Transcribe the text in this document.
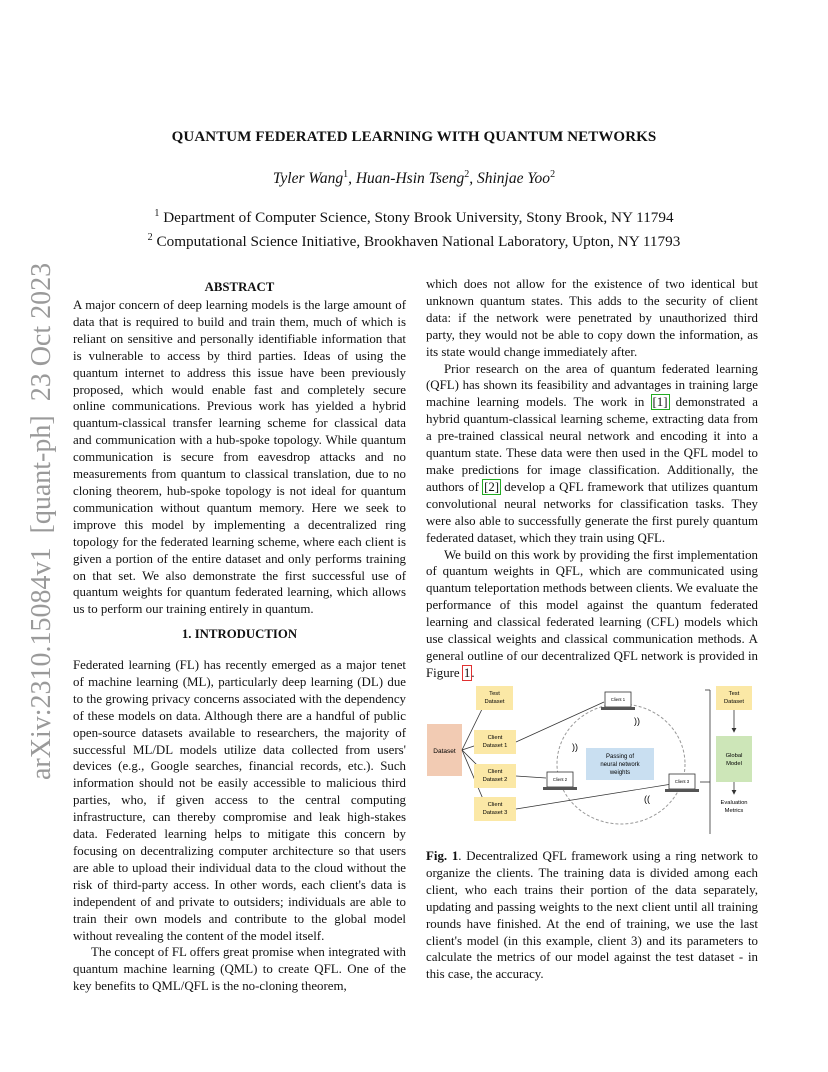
QUANTUM FEDERATED LEARNING WITH QUANTUM NETWORKS
Tyler Wang$^1$, Huan-Hsin Tseng$^2$, Shinjae Yoo$^2$
$^1$ Department of Computer Science, Stony Brook University, Stony Brook, NY 11794
$^2$ Computational Science Initiative, Brookhaven National Laboratory, Upton, NY 11793
arXiv:2310.15084v1  [quant-ph]  23 Oct 2023	ABSTRACT

A major concern of deep learning models is the large amount of data that is required to build and train them, much of which is reliant on sensitive and personally identifiable information that is vulnerable to access by third parties. Ideas of using the quantum internet to address this issue have been previously proposed, which would enable fast and completely secure online communications. Previous work has yielded a hybrid quantum-classical transfer learning scheme for classical data and communication with a hub-spoke topology. While quantum communication is secure from eavesdrop attacks and no measurements from quantum to classical translation, due to no cloning theorem, hub-spoke topology is not ideal for quantum communication without quantum memory. Here we seek to improve this model by implementing a decentralized ring topology for the federated learning scheme, where each client is given a portion of the entire dataset and only performs training on that set. We also demonstrate the first successful use of quantum weights for quantum federated learning, which allows us to perform our training entirely in quantum.

1. INTRODUCTION

Federated learning (FL) has recently emerged as a major tenet of machine learning (ML), particularly deep learning (DL) due to the growing privacy concerns associated with the dependency of these models on data. Although there are a handful of public open-source datasets available to researchers, the majority of successful ML/DL models utilize data collected from users' devices (e.g., Google searches, financial records, etc.). Such information should not be easily accessible to malicious third parties, who, if given access to the central computing infrastructure, can thereby compromise and leak high-stakes data. Federated learning helps to mitigate this concern by focusing on decentralizing computer architecture so that users are able to upload their individual data to the cloud without the risk of third-party access. In other words, each client's data is independent of and private to outsiders; individuals are able to train their own models and contribute to the global model without revealing the content of the model itself.

The concept of FL offers great promise when integrated with quantum machine learning (QML) to create QFL. One of the key benefits to QML/QFL is the no-cloning theorem,

which does not allow for the existence of two identical but unknown quantum states. This adds to the security of client data: if the network were penetrated by unauthorized third party, they would not be able to copy down the information, as its state would change immediately after.

Prior research on the area of quantum federated learning (QFL) has shown its feasibility and advantages in training large machine learning models. The work in [1] demonstrated a hybrid quantum-classical learning scheme, extracting data from a pre-trained classical neural network and encoding it into a quantum state. These data were then used in the QFL model to make predictions for image classification. Additionally, the authors of [2] develop a QFL framework that utilizes quantum convolutional neural networks for classification tasks. They were also able to successfully generate the first purely quantum federated dataset, which they train using QFL.

We build on this work by providing the first implementation of quantum weights in QFL, which are communicated using quantum teleportation methods between clients. We evaluate the performance of this model against the quantum federated learning and classical federated learning (CFL) models which use classical weights and classical communication methods. A general outline of our decentralized QFL network is provided in Figure 1.

Dataset
Test
Dataset
Client
Dataset 1
Client
Dataset 2
Client
Dataset 3
Passing of
neural network
weights
Client 1
Client 2	Client 3
))
))
((
Test
Dataset
Global
Model
Evaluation
Metrics
Fig. 1. Decentralized QFL framework using a ring network to organize the clients. The training data is divided among each client, who each trains their portion of the data separately, updating and passing weights to the next client until all training rounds have finished. At the end of training, we use the last client's model (in this example, client 3) and its parameters to calculate the metrics of our model against the test dataset - in this case, the accuracy.
